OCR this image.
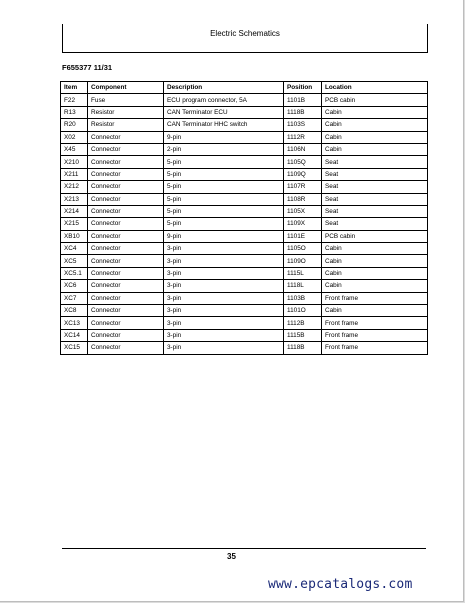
Electric Schematics
F655377 11/31
Item	Component	Description	Position	Location
F22	Fuse	ECU program connector, 5A	1101B	PCB cabin
R13	Resistor	CAN Terminator ECU	1118B	Cabin
R20	Resistor	CAN Terminator HHC switch	1103S	Cabin
X02	Connector	9-pin	1112R	Cabin
X45	Connector	2-pin	1106N	Cabin
X210	Connector	5-pin	1105Q	Seat
X211	Connector	5-pin	1109Q	Seat
X212	Connector	5-pin	1107R	Seat
X213	Connector	5-pin	1108R	Seat
X214	Connector	5-pin	1105X	Seat
X215	Connector	5-pin	1109X	Seat
XB10	Connector	9-pin	1101E	PCB cabin
XC4	Connector	3-pin	1105O	Cabin
XC5	Connector	3-pin	1109O	Cabin
XC5.1	Connector	3-pin	1115L	Cabin
XC6	Connector	3-pin	1118L	Cabin
XC7	Connector	3-pin	1103B	Front frame
XC8	Connector	3-pin	1101O	Cabin
XC13	Connector	3-pin	1112B	Front frame
XC14	Connector	3-pin	1115B	Front frame
XC15	Connector	3-pin	1118B	Front frame
35
www.epcatalogs.com
